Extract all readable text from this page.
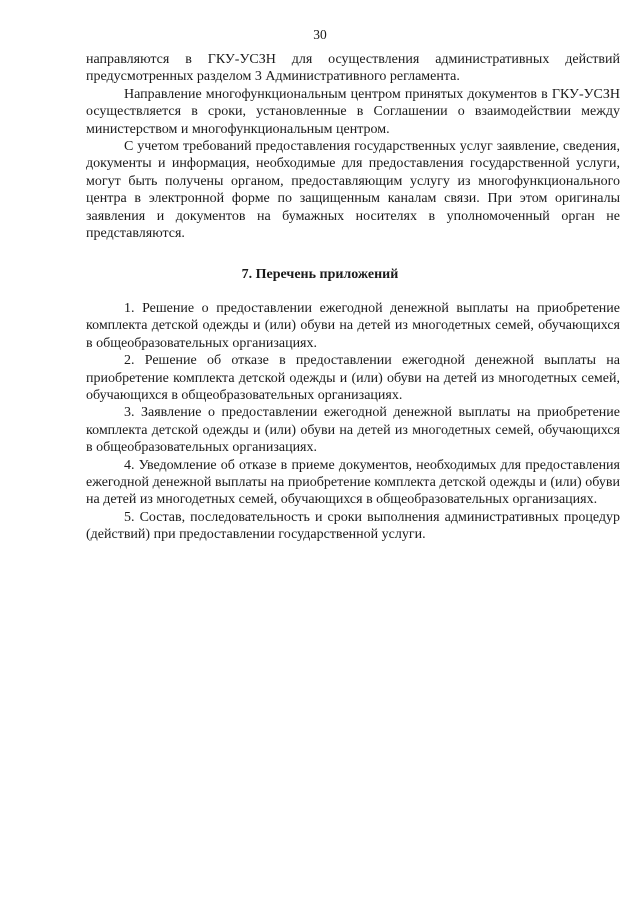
30

направляются в ГКУ-УСЗН для осуществления административных действий предусмотренных разделом 3 Административного регламента.

Направление многофункциональным центром принятых документов в ГКУ-УСЗН осуществляется в сроки, установленные в Соглашении о взаимодействии между министерством и многофункциональным центром.

С учетом требований предоставления государственных услуг заявление, сведения, документы и информация, необходимые для предоставления государственной услуги, могут быть получены органом, предоставляющим услугу из многофункционального центра в электронной форме по защищенным каналам связи. При этом оригиналы заявления и документов на бумажных носителях в уполномоченный орган не представляются.

7. Перечень приложений

1. Решение о предоставлении ежегодной денежной выплаты на приобретение комплекта детской одежды и (или) обуви на детей из многодетных семей, обучающихся в общеобразовательных организациях.

2. Решение об отказе в предоставлении ежегодной денежной выплаты на приобретение комплекта детской одежды и (или) обуви на детей из многодетных семей, обучающихся в общеобразовательных организациях.

3. Заявление о предоставлении ежегодной денежной выплаты на приобретение комплекта детской одежды и (или) обуви на детей из многодетных семей, обучающихся в общеобразовательных организациях.

4. Уведомление об отказе в приеме документов, необходимых для предоставления ежегодной денежной выплаты на приобретение комплекта детской одежды и (или) обуви на детей из многодетных семей, обучающихся в общеобразовательных организациях.

5. Состав, последовательность и сроки выполнения административных процедур (действий) при предоставлении государственной услуги.
